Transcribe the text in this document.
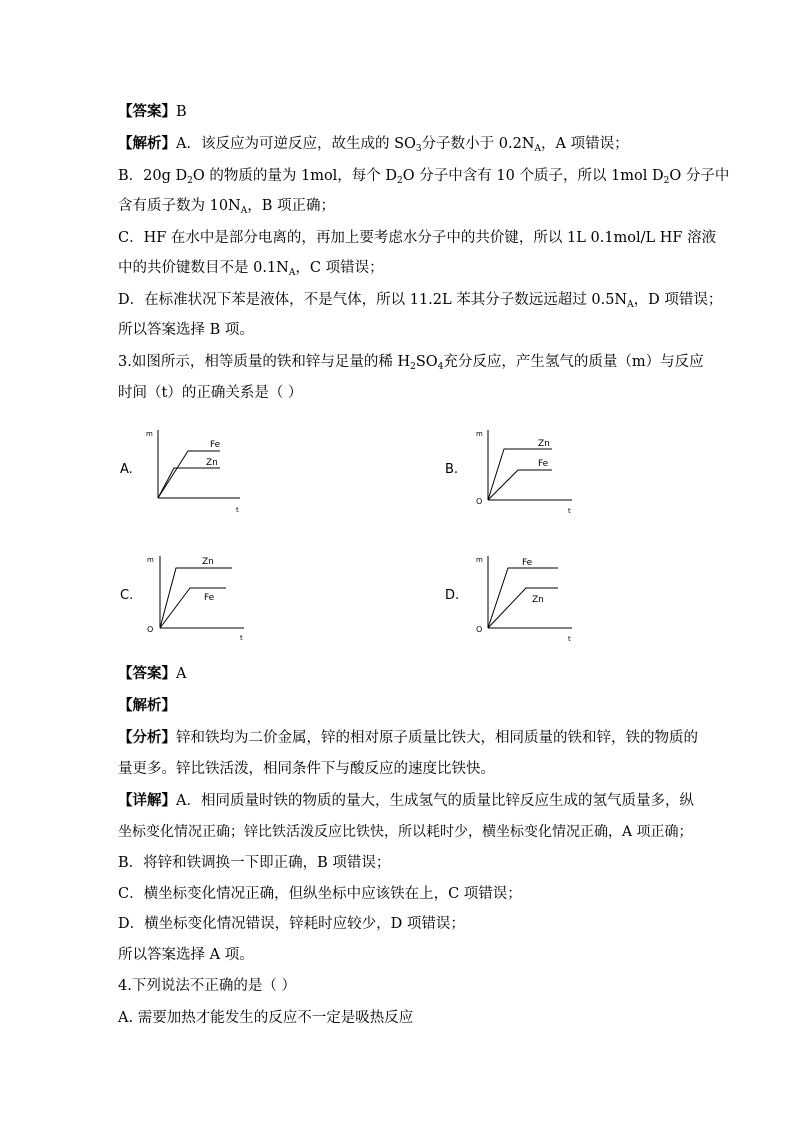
【答案】B
【解析】A．该反应为可逆反应，故生成的 $SO_3$分子数小于 $0.2N_A$，A 项错误；
B．20g $D_2O$ 的物质的量为 1mol，每个 $D_2O$ 分子中含有 10 个质子，所以 1mol $D_2O$ 分子中
含有质子数为 $10N_A$，B 项正确；
C．HF 在水中是部分电离的，再加上要考虑水分子中的共价键，所以 1L 0.1mol/L HF 溶液
中的共价键数目不是 $0.1N_A$，C 项错误；
D．在标准状况下苯是液体，不是气体，所以 11.2L 苯其分子数远远超过 $0.5N_A$，D 项错误；
所以答案选择 B 项。
3.如图所示，相等质量的铁和锌与足量的稀 $H_2SO_4$充分反应，产生氢气的质量（m）与反应
时间（t）的正确关系是（ ）
A.
m
t
Fe
Zn	B.
m
O
t
Zn
Fe
C.
m
O
t
Zn
Fe	D.
m
O
t
Fe
Zn
【答案】A
【解析】
【分析】锌和铁均为二价金属，锌的相对原子质量比铁大，相同质量的铁和锌，铁的物质的
量更多。锌比铁活泼，相同条件下与酸反应的速度比铁快。
【详解】A．相同质量时铁的物质的量大，生成氢气的质量比锌反应生成的氢气质量多，纵
坐标变化情况正确；锌比铁活泼反应比铁快，所以耗时少，横坐标变化情况正确，A 项正确；
B．将锌和铁调换一下即正确，B 项错误；
C．横坐标变化情况正确，但纵坐标中应该铁在上，C 项错误；
D．横坐标变化情况错误，锌耗时应较少，D 项错误；
所以答案选择 A 项。
4.下列说法不正确的是（ ）
A. 需要加热才能发生的反应不一定是吸热反应
